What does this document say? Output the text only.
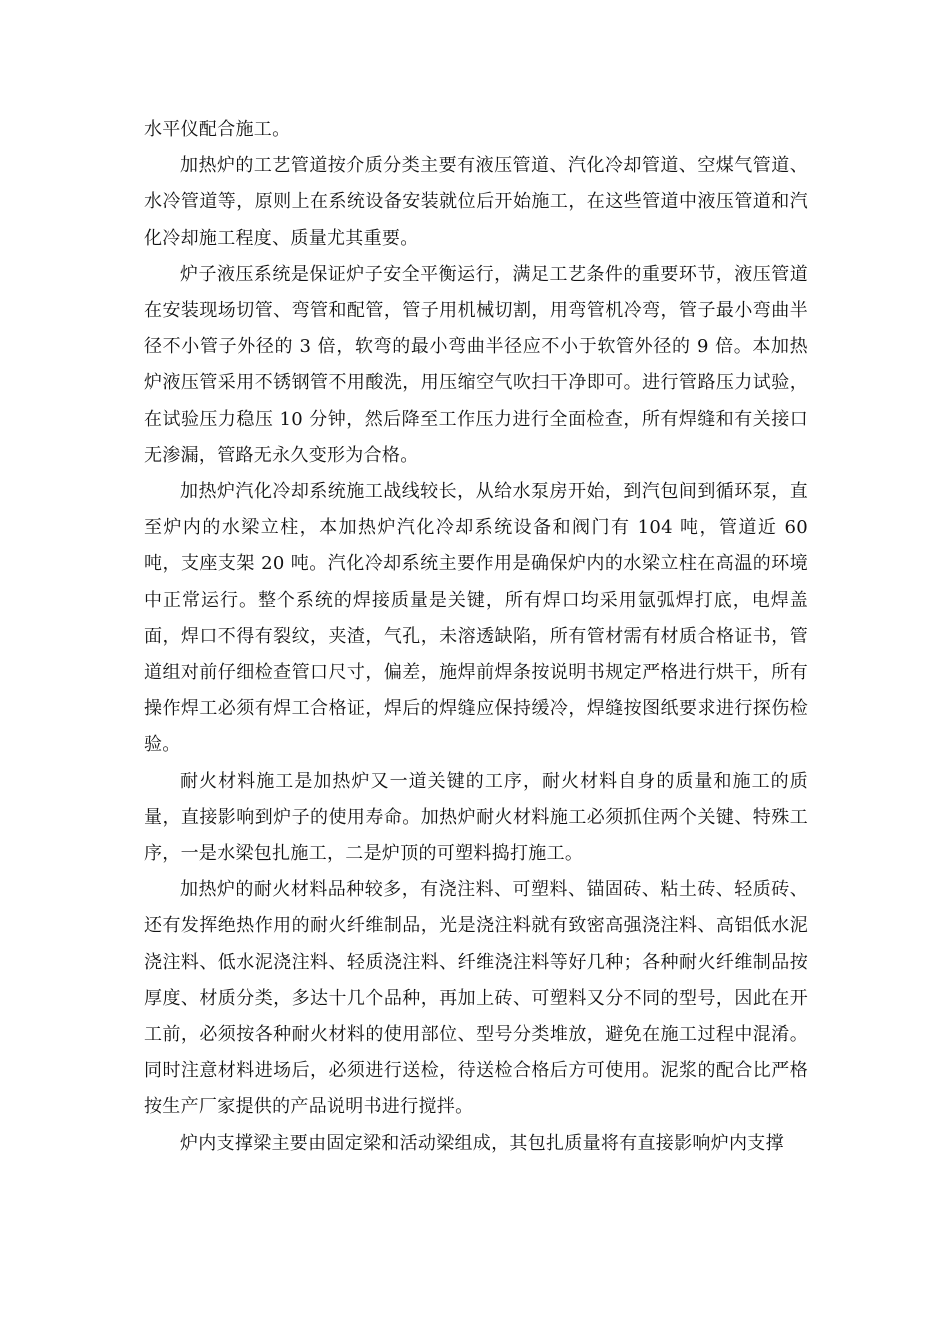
水平仪配合施工。

加热炉的工艺管道按介质分类主要有液压管道、汽化冷却管道、空煤气管道、水冷管道等，原则上在系统设备安装就位后开始施工，在这些管道中液压管道和汽化冷却施工程度、质量尤其重要。

炉子液压系统是保证炉子安全平衡运行，满足工艺条件的重要环节，液压管道在安装现场切管、弯管和配管，管子用机械切割，用弯管机冷弯，管子最小弯曲半径不小管子外径的 3 倍，软弯的最小弯曲半径应不小于软管外径的 9 倍。本加热炉液压管采用不锈钢管不用酸洗，用压缩空气吹扫干净即可。进行管路压力试验，在试验压力稳压 10 分钟，然后降至工作压力进行全面检查，所有焊缝和有关接口无渗漏，管路无永久变形为合格。

加热炉汽化冷却系统施工战线较长，从给水泵房开始，到汽包间到循环泵，直至炉内的水梁立柱，本加热炉汽化冷却系统设备和阀门有 104 吨，管道近 60 吨，支座支架 20 吨。汽化冷却系统主要作用是确保炉内的水梁立柱在高温的环境中正常运行。整个系统的焊接质量是关键，所有焊口均采用氩弧焊打底，电焊盖面，焊口不得有裂纹，夹渣，气孔，未溶透缺陷，所有管材需有材质合格证书，管道组对前仔细检查管口尺寸，偏差，施焊前焊条按说明书规定严格进行烘干，所有操作焊工必须有焊工合格证，焊后的焊缝应保持缓冷，焊缝按图纸要求进行探伤检验。

耐火材料施工是加热炉又一道关键的工序，耐火材料自身的质量和施工的质量，直接影响到炉子的使用寿命。加热炉耐火材料施工必须抓住两个关键、特殊工序，一是水梁包扎施工，二是炉顶的可塑料捣打施工。

加热炉的耐火材料品种较多，有浇注料、可塑料、锚固砖、粘土砖、轻质砖、还有发挥绝热作用的耐火纤维制品，光是浇注料就有致密高强浇注料、高铝低水泥浇注料、低水泥浇注料、轻质浇注料、纤维浇注料等好几种；各种耐火纤维制品按厚度、材质分类，多达十几个品种，再加上砖、可塑料又分不同的型号，因此在开工前，必须按各种耐火材料的使用部位、型号分类堆放，避免在施工过程中混淆。同时注意材料进场后，必须进行送检，待送检合格后方可使用。泥浆的配合比严格按生产厂家提供的产品说明书进行搅拌。

炉内支撑梁主要由固定梁和活动梁组成，其包扎质量将有直接影响炉内支撑
